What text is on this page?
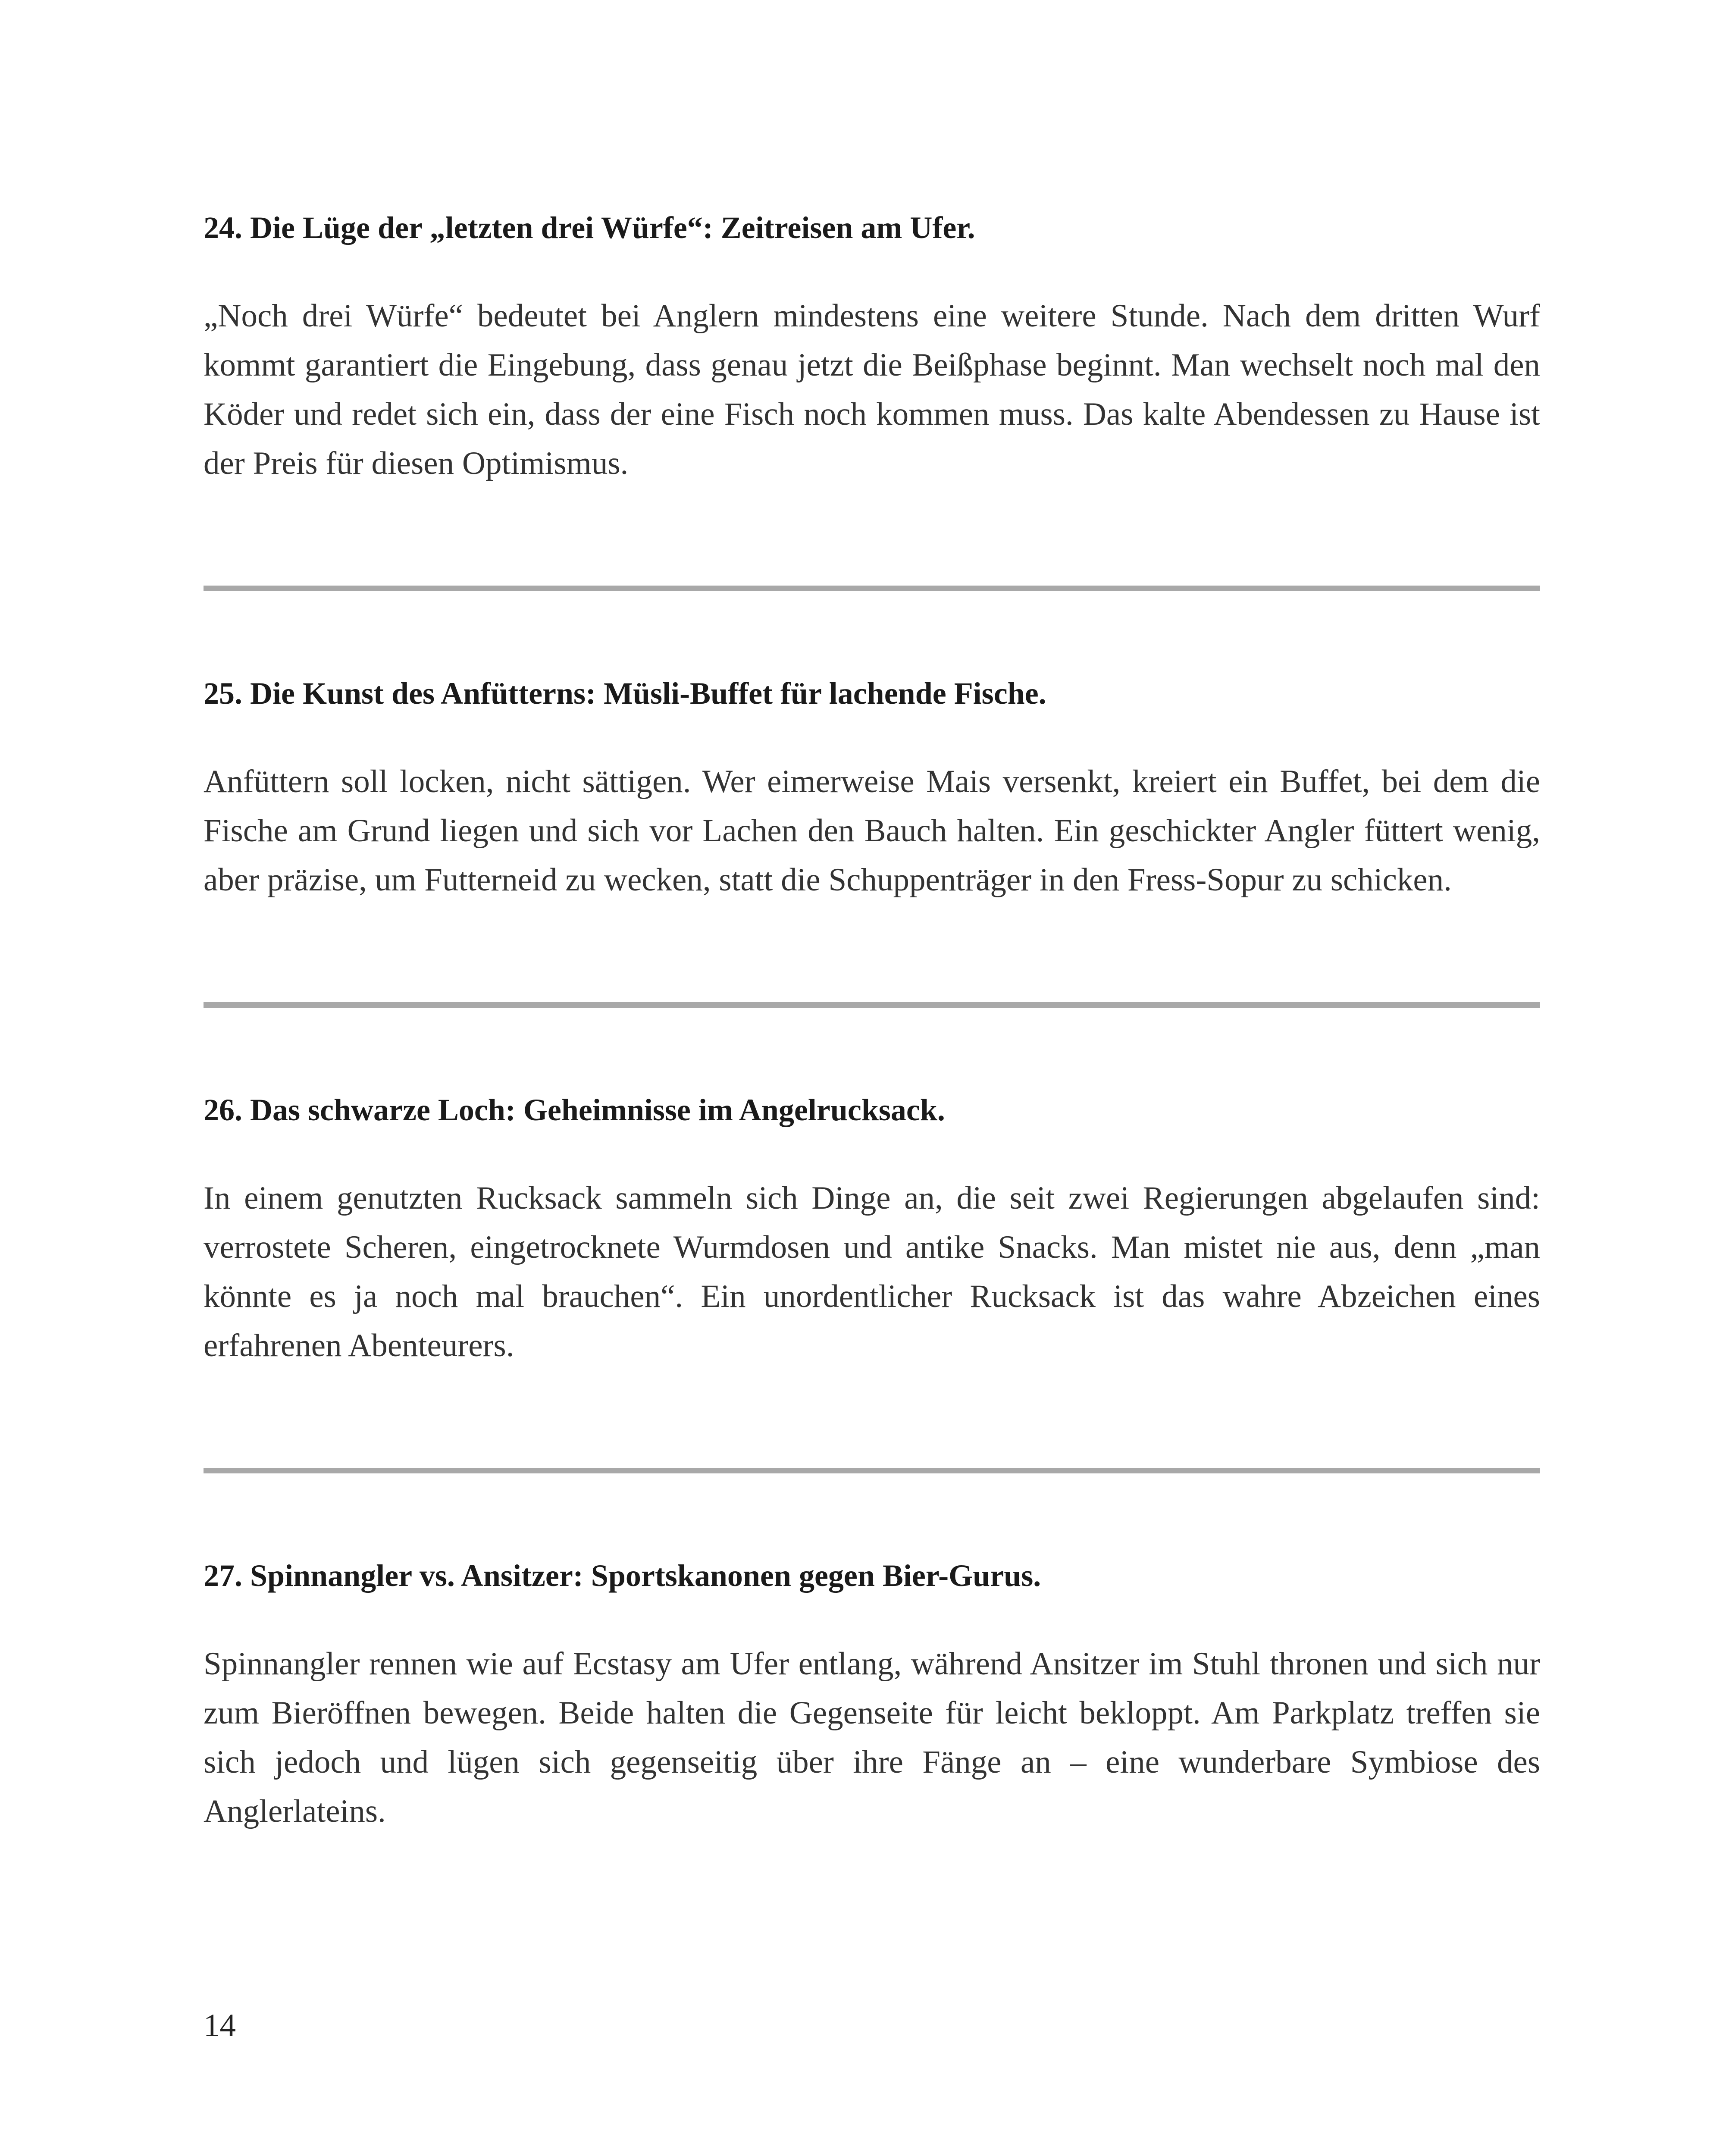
24. Die Lüge der „letzten drei Würfe“: Zeitreisen am Ufer.

„Noch drei Würfe“ bedeutet bei Anglern mindestens eine weitere Stunde. Nach dem dritten Wurf kommt garantiert die Eingebung, dass genau jetzt die Beißphase beginnt. Man wechselt noch mal den Köder und redet sich ein, dass der eine Fisch noch kommen muss. Das kalte Abendessen zu Hause ist der Preis für diesen Optimismus.

25. Die Kunst des Anfütterns: Müsli-Buffet für lachende Fische.

Anfüttern soll locken, nicht sättigen. Wer eimerweise Mais versenkt, kreiert ein Buffet, bei dem die Fische am Grund liegen und sich vor Lachen den Bauch halten. Ein geschickter Angler füttert wenig, aber präzise, um Futterneid zu wecken, statt die Schuppenträger in den Fress-Sopur zu schicken.

26. Das schwarze Loch: Geheimnisse im Angelrucksack.

In einem genutzten Rucksack sammeln sich Dinge an, die seit zwei Regierungen abgelaufen sind: verrostete Scheren, eingetrocknete Wurmdosen und antike Snacks. Man mistet nie aus, denn „man könnte es ja noch mal brauchen“. Ein unordentlicher Rucksack ist das wahre Abzeichen eines erfahrenen Abenteurers.

27. Spinnangler vs. Ansitzer: Sportskanonen gegen Bier-Gurus.

Spinnangler rennen wie auf Ecstasy am Ufer entlang, während Ansitzer im Stuhl thronen und sich nur zum Bieröffnen bewegen. Beide halten die Gegenseite für leicht bekloppt. Am Parkplatz treffen sie sich jedoch und lügen sich gegenseitig über ihre Fänge an – eine wunderbare Symbiose des Anglerlateins.

14
